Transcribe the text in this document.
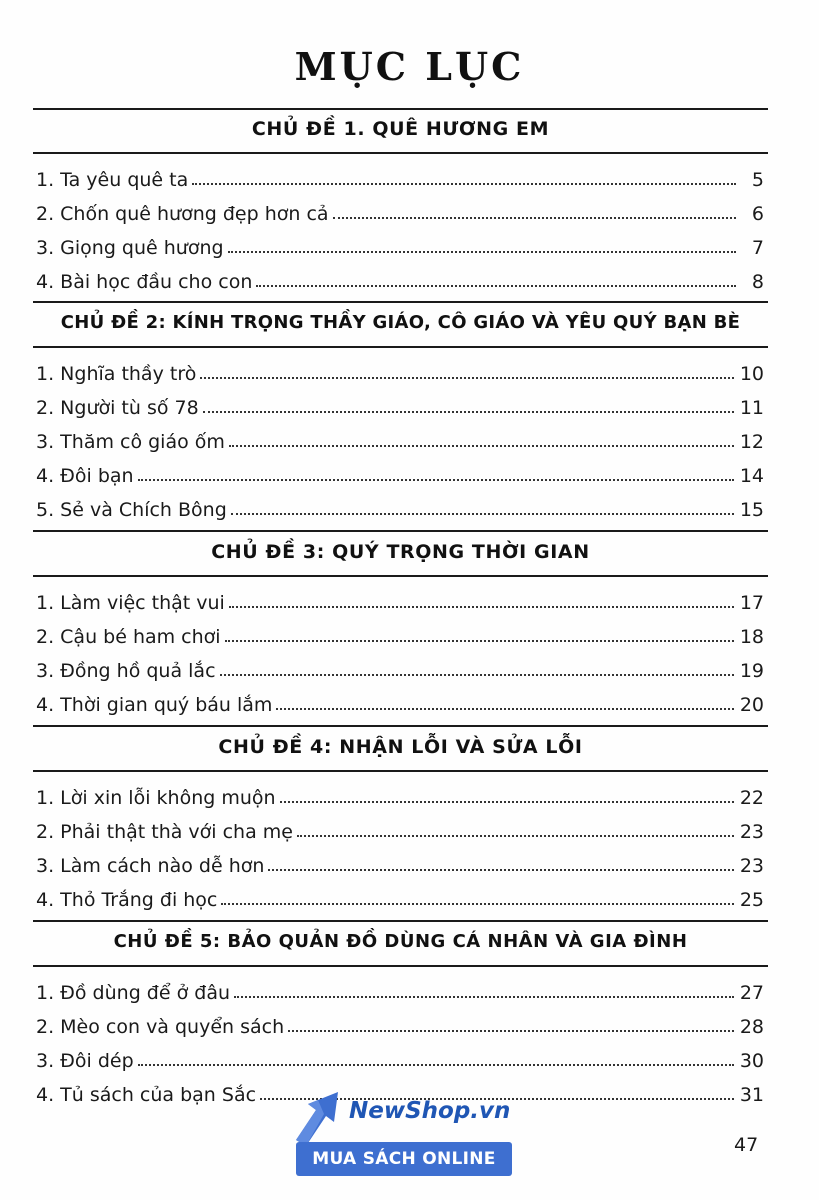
MỤC LỤC
CHỦ ĐỀ 1. QUÊ HƯƠNG EM
1. Ta yêu quê ta	5
2. Chốn quê hương đẹp hơn cả	6
3. Giọng quê hương	7
4. Bài học đầu cho con	8
CHỦ ĐỀ 2: KÍNH TRỌNG THẦY GIÁO, CÔ GIÁO VÀ YÊU QUÝ BẠN BÈ
1. Nghĩa thầy trò	10
2. Người tù số 78	11
3. Thăm cô giáo ốm	12
4. Đôi bạn	14
5. Sẻ và Chích Bông	15
CHỦ ĐỀ 3: QUÝ TRỌNG THỜI GIAN
1. Làm việc thật vui	17
2. Cậu bé ham chơi	18
3. Đồng hồ quả lắc	19
4. Thời gian quý báu lắm	20
CHỦ ĐỀ 4: NHẬN LỖI VÀ SỬA LỖI
1. Lời xin lỗi không muộn	22
2. Phải thật thà với cha mẹ	23
3. Làm cách nào dễ hơn	23
4. Thỏ Trắng đi học	25
CHỦ ĐỀ 5: BẢO QUẢN ĐỒ DÙNG CÁ NHÂN VÀ GIA ĐÌNH
1. Đồ dùng để ở đâu	27
2. Mèo con và quyển sách	28
3. Đôi dép	30
4. Tủ sách của bạn Sắc	31
NewShop.vn
MUA SÁCH ONLINE
47
